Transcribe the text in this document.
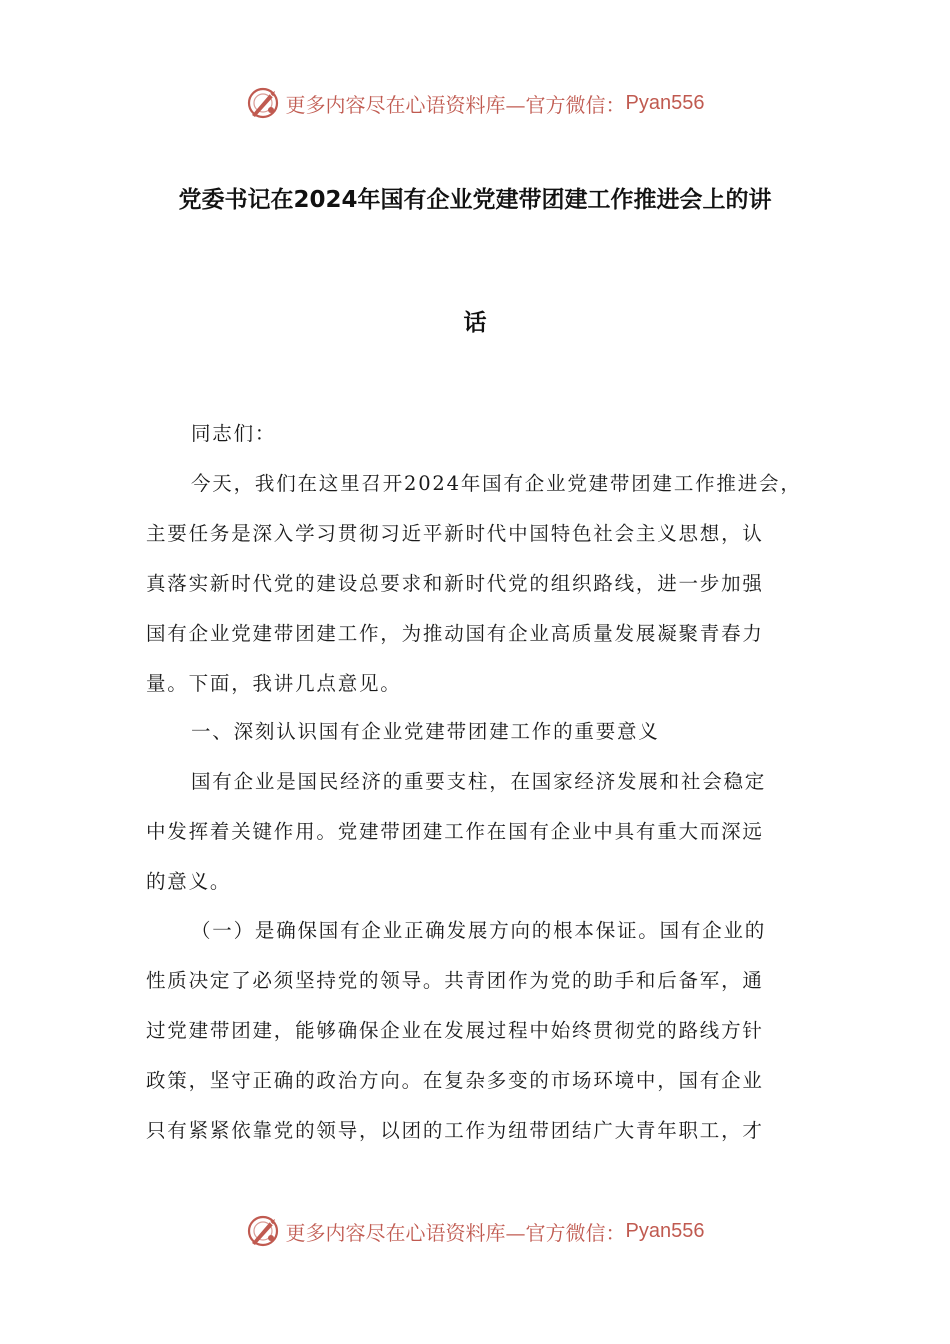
更多内容尽在心语资料库—官方微信： Pyan556
党委书记在2024年国有企业党建带团建工作推进会上的讲
话

同志们：

今天，我们在这里召开2024年国有企业党建带团建工作推进会，
主要任务是深入学习贯彻习近平新时代中国特色社会主义思想，认
真落实新时代党的建设总要求和新时代党的组织路线，进一步加强
国有企业党建带团建工作，为推动国有企业高质量发展凝聚青春力
量。下面，我讲几点意见。

一、深刻认识国有企业党建带团建工作的重要意义

国有企业是国民经济的重要支柱，在国家经济发展和社会稳定
中发挥着关键作用。党建带团建工作在国有企业中具有重大而深远
的意义。

（一）是确保国有企业正确发展方向的根本保证。国有企业的
性质决定了必须坚持党的领导。共青团作为党的助手和后备军，通
过党建带团建，能够确保企业在发展过程中始终贯彻党的路线方针
政策，坚守正确的政治方向。在复杂多变的市场环境中，国有企业
只有紧紧依靠党的领导，以团的工作为纽带团结广大青年职工，才

更多内容尽在心语资料库—官方微信： Pyan556
